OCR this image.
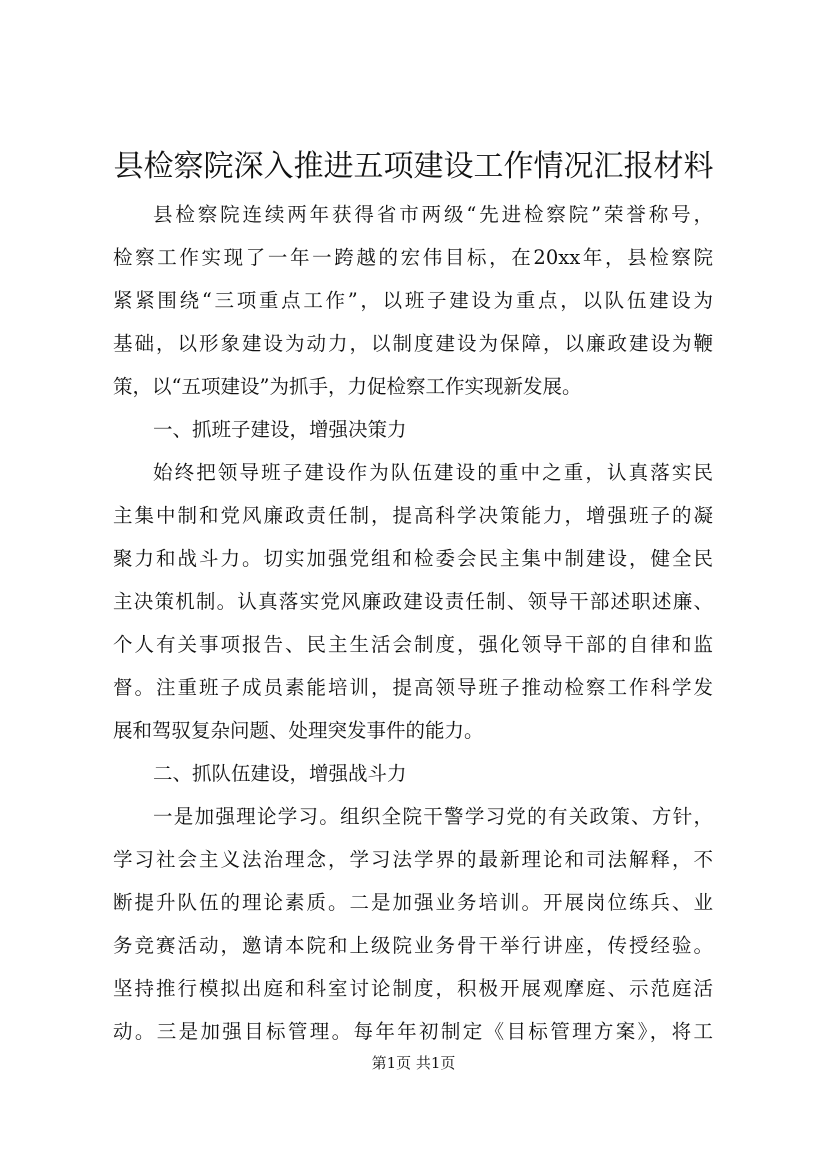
县检察院深入推进五项建设工作情况汇报材料
县检察院连续两年获得省市两级“先进检察院”荣誉称号，
检察工作实现了一年一跨越的宏伟目标，在20xx年，县检察院
紧紧围绕“三项重点工作”，以班子建设为重点，以队伍建设为
基础，以形象建设为动力，以制度建设为保障，以廉政建设为鞭
策，以“五项建设”为抓手，力促检察工作实现新发展。
一、抓班子建设，增强决策力
始终把领导班子建设作为队伍建设的重中之重，认真落实民
主集中制和党风廉政责任制，提高科学决策能力，增强班子的凝
聚力和战斗力。切实加强党组和检委会民主集中制建设，健全民
主决策机制。认真落实党风廉政建设责任制、领导干部述职述廉、
个人有关事项报告、民主生活会制度，强化领导干部的自律和监
督。注重班子成员素能培训，提高领导班子推动检察工作科学发
展和驾驭复杂问题、处理突发事件的能力。
二、抓队伍建设，增强战斗力
一是加强理论学习。组织全院干警学习党的有关政策、方针，
学习社会主义法治理念，学习法学界的最新理论和司法解释，不
断提升队伍的理论素质。二是加强业务培训。开展岗位练兵、业
务竞赛活动，邀请本院和上级院业务骨干举行讲座，传授经验。
坚持推行模拟出庭和科室讨论制度，积极开展观摩庭、示范庭活
动。三是加强目标管理。每年年初制定《目标管理方案》，将工
第1页 共1页
